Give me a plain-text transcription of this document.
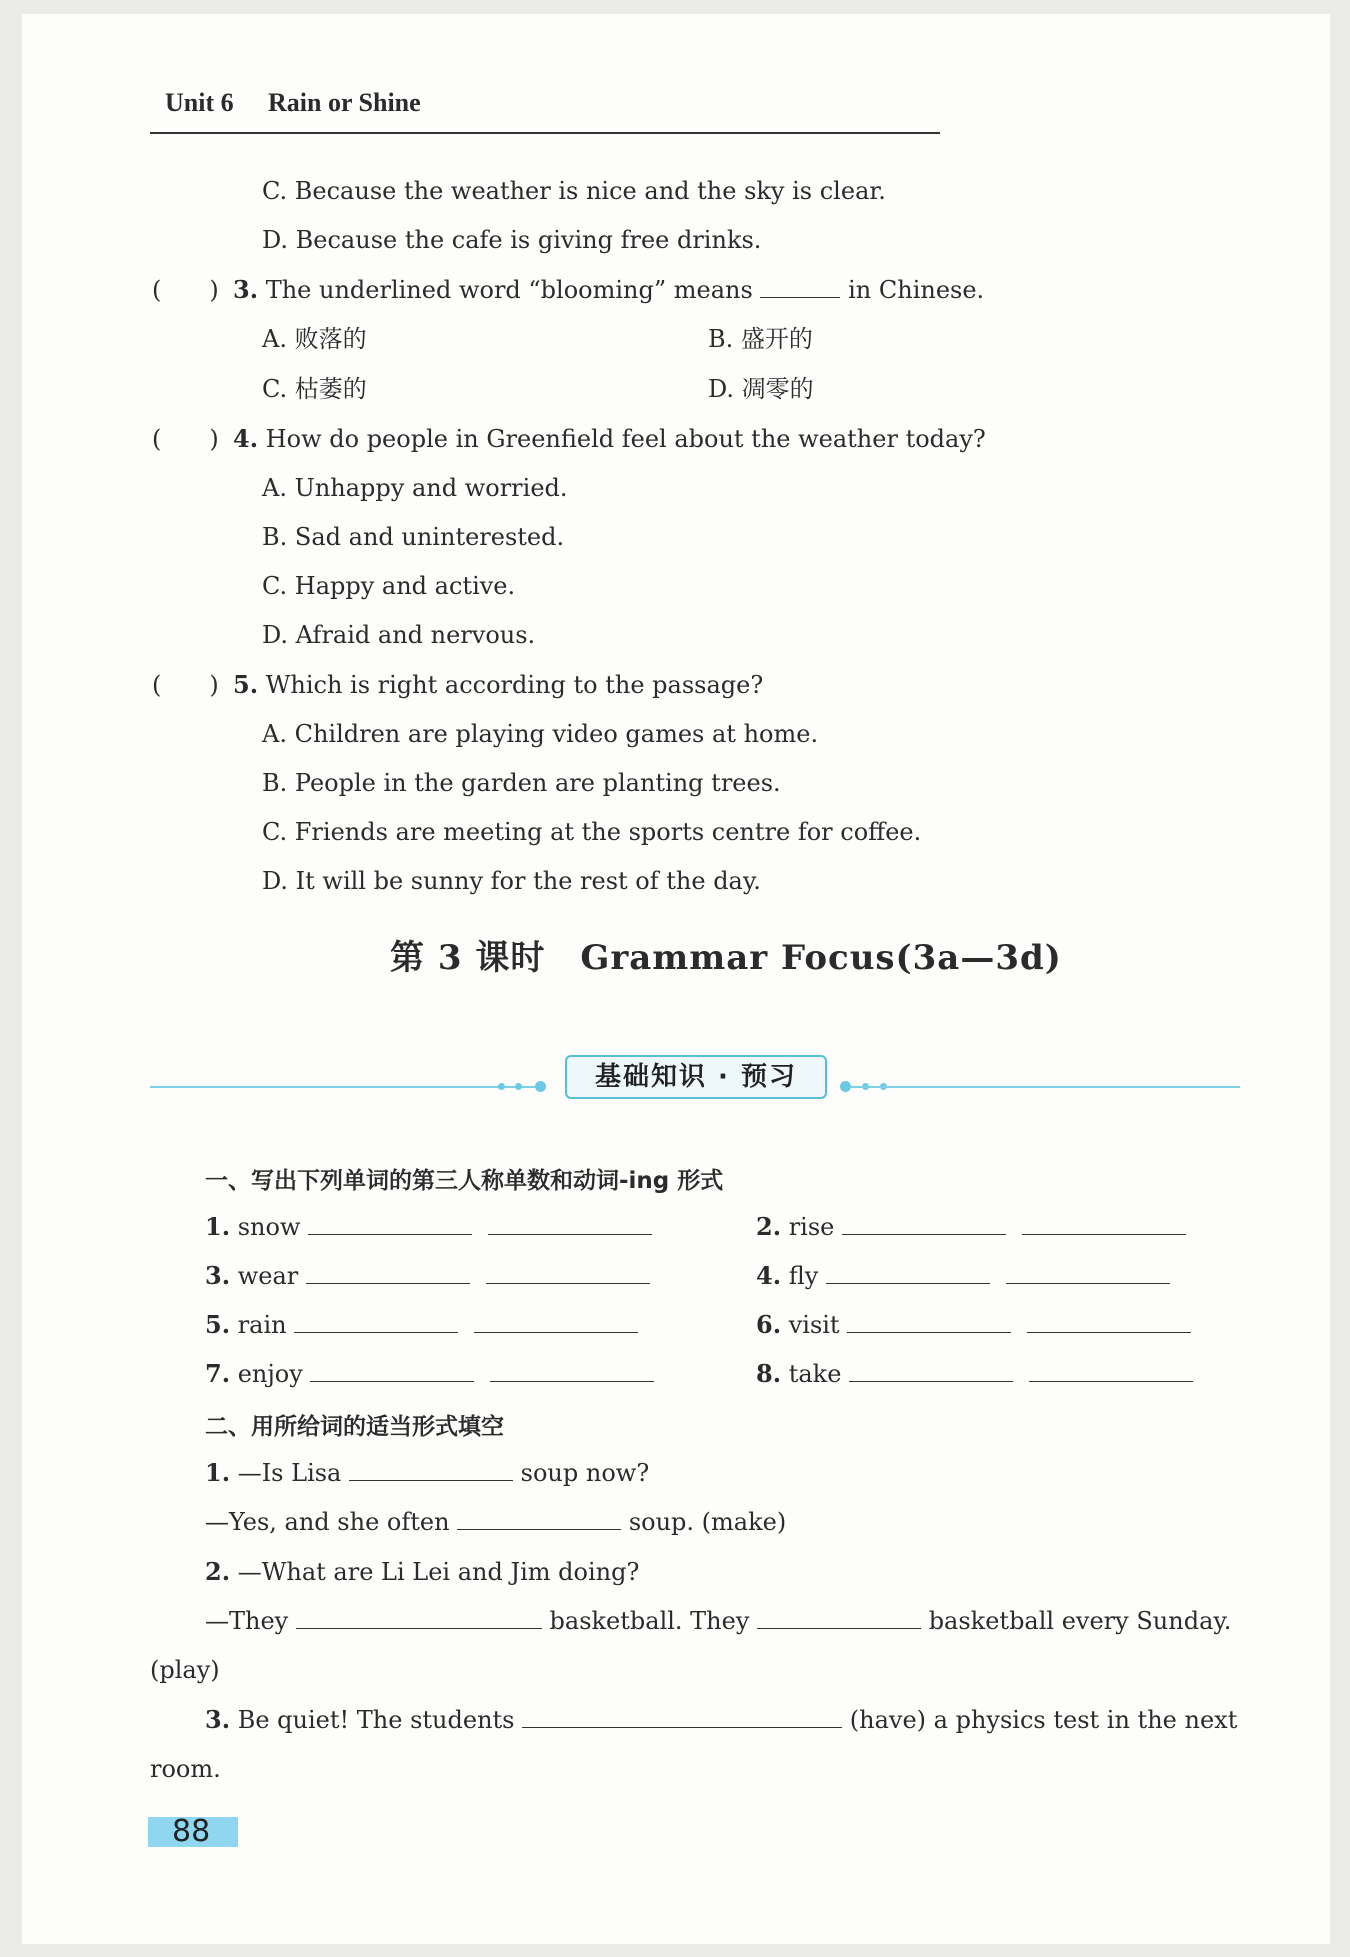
Unit 6 Rain or Shine
C. Because the weather is nice and the sky is clear.
D. Because the cafe is giving free drinks.
(　　) 3. The underlined word “blooming” means	in Chinese.
A. 败落的	B. 盛开的
C. 枯萎的	D. 凋零的
(　　) 4. How do people in Greenfield feel about the weather today?
A. Unhappy and worried.
B. Sad and uninterested.
C. Happy and active.
D. Afraid and nervous.
(　　) 5. Which is right according to the passage?
A. Children are playing video games at home.
B. People in the garden are planting trees.
C. Friends are meeting at the sports centre for coffee.
D. It will be sunny for the rest of the day.
第 3 课时　Grammar Focus(3a—3d)
基础知识 · 预习
一、写出下列单词的第三人称单数和动词-ing 形式
1. snow	2. rise
3. wear	4. fly
5. rain	6. visit
7. enjoy	8. take
二、用所给词的适当形式填空
1. —Is Lisa	soup now?
—Yes, and she often	soup. (make)
2. —What are Li Lei and Jim doing?
—They	basketball. They	basketball every Sunday.
(play)
3. Be quiet! The students	(have) a physics test in the next
room.
88
